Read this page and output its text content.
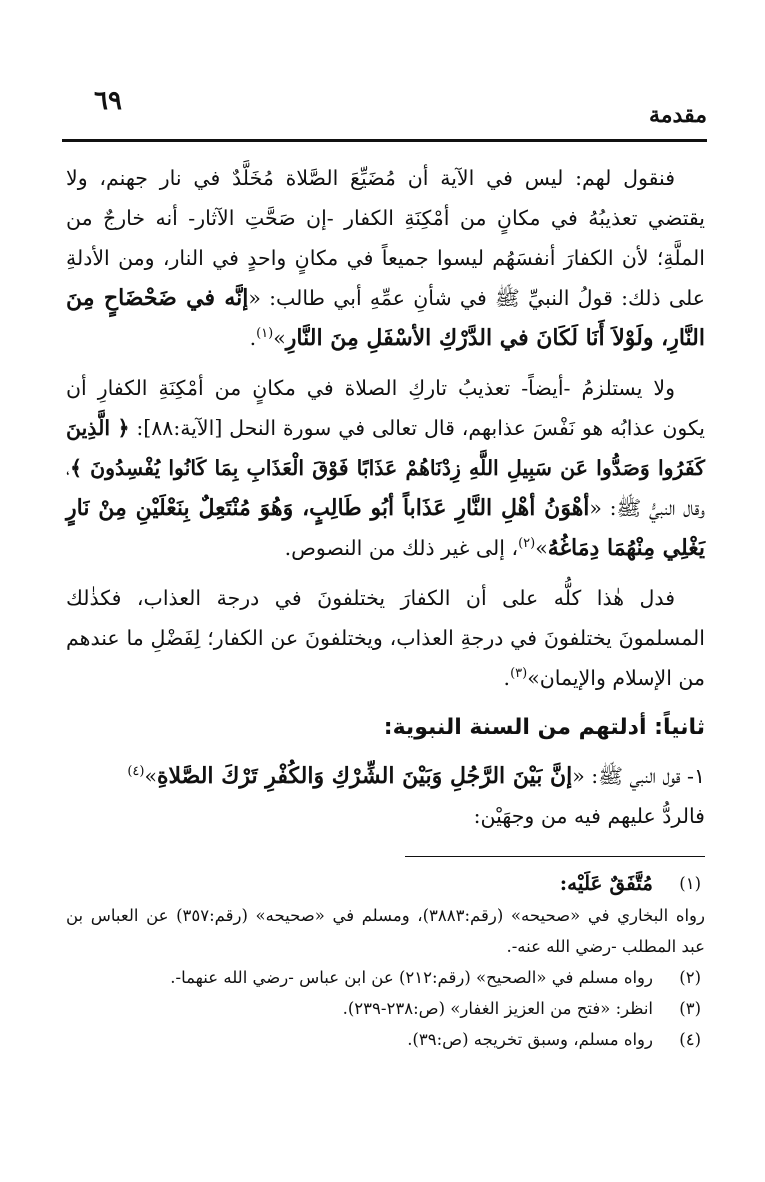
٦٩	مقدمة

فنقول لهم: ليس في الآية أن مُضَيِّعَ الصَّلاة مُخَلَّدٌ في نار جهنم، ولا يقتضي تعذيبُهُ في مكانٍ من أمْكِنَةِ الكفار -إن صَحَّتِ الآثار- أنه خارجٌ من الملَّةِ؛ لأن الكفارَ أنفسَهُم ليسوا جميعاً في مكانٍ واحدٍ في النار، ومن الأدلةِ على ذلك: قولُ النبيِّ ﷺ في شأنِ عمِّهِ أبي طالب: «إنَّه في ضَحْضَاحٍ مِنَ النَّارِ، ولَوْلاَ أَنَا لَكَانَ في الدَّرْكِ الأسْفَلِ مِنَ النَّارِ»$^{(١)}$.

ولا يستلزمُ -أيضاً- تعذيبُ تاركِ الصلاة في مكانٍ من أمْكِنَةِ الكفارِ أن يكون عذابُه هو نَفْسَ عذابهم، قال تعالى في سورة النحل [الآية:٨٨]: ﴿ الَّذِينَ كَفَرُوا وَصَدُّوا عَن سَبِيلِ اللَّهِ زِدْنَاهُمْ عَذَابًا فَوْقَ الْعَذَابِ بِمَا كَانُوا يُفْسِدُونَ ﴾، وقال النبيُّ ﷺ: «أهْوَنُ أهْلِ النَّارِ عَذَاباً أبُو طَالِبٍ، وَهُوَ مُنْتَعِلٌ بِنَعْلَيْنِ مِنْ نَارٍ يَغْلِي مِنْهُمَا دِمَاغُهُ»$^{(٢)}$، إلى غير ذلك من النصوص.

فدل هٰذا كلُّه على أن الكفارَ يختلفونَ في درجة العذاب، فكذٰلك المسلمونَ يختلفونَ في درجةِ العذاب، ويختلفونَ عن الكفار؛ لِفَضْلِ ما عندهم من الإسلام والإيمان»$^{(٣)}$.

ثانياً: أدلتهم من السنة النبوية:

١- قول النبي ﷺ: «إنَّ بَيْنَ الرَّجُلِ وَبَيْنَ الشِّرْكِ وَالكُفْرِ تَرْكَ الصَّلاةِ»$^{(٤)}$
فالردُّ عليهم فيه من وجهَيْن:

(١)
مُتَّفَقٌ عَلَيْه:
رواه البخاري في «صحيحه» (رقم:٣٨٨٣)، ومسلم في «صحيحه» (رقم:٣٥٧) عن العباس بن عبد المطلب -رضي الله عنه-.
(٢)
رواه مسلم في «الصحيح» (رقم:٢١٢) عن ابن عباس -رضي الله عنهما-.
(٣)
انظر: «فتح من العزيز الغفار» (ص:٢٣٨-٢٣٩).
(٤)
رواه مسلم، وسبق تخريجه (ص:٣٩).
